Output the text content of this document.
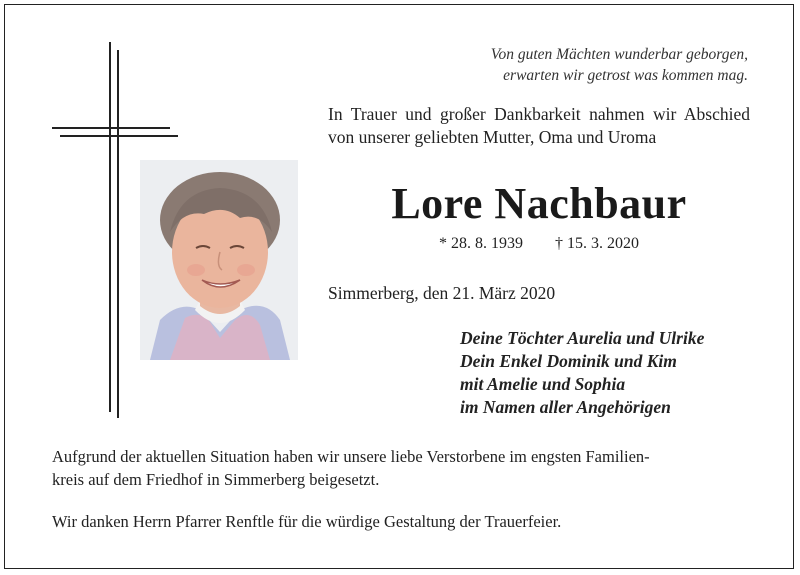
Von guten Mächten wunderbar geborgen,
erwarten wir getrost was kommen mag.
In Trauer und großer Dankbarkeit nahmen wir Abschied von unserer geliebten Mutter, Oma und Uroma
Lore Nachbaur
* 28. 8. 1939 † 15. 3. 2020
Simmerberg, den 21. März 2020
Deine Töchter Aurelia und Ulrike
Dein Enkel Dominik und Kim
mit Amelie und Sophia
im Namen aller Angehörigen
Aufgrund der aktuellen Situation haben wir unsere liebe Verstorbene im engsten Familien-
kreis auf dem Friedhof in Simmerberg beigesetzt.
Wir danken Herrn Pfarrer Renftle für die würdige Gestaltung der Trauerfeier.
